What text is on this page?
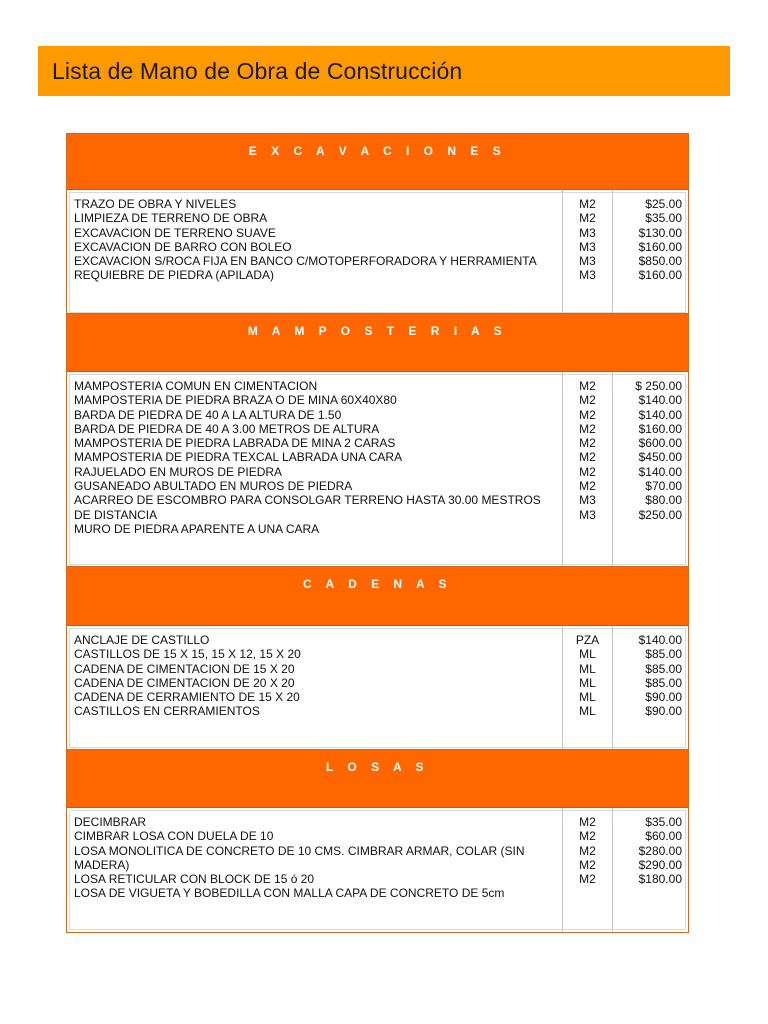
Lista de Mano de Obra de Construcción
E X C A V A C I O N E S
TRAZO DE OBRA Y NIVELES
LIMPIEZA DE TERRENO DE OBRA
EXCAVACION DE TERRENO SUAVE
EXCAVACION DE BARRO CON BOLEO
EXCAVACION S/ROCA FIJA EN BANCO C/MOTOPERFORADORA Y HERRAMIENTA
REQUIEBRE DE PIEDRA (APILADA)
M2
M2
M3
M3
M3
M3
$25.00
$35.00
$130.00
$160.00
$850.00
$160.00
M A M P O S T E R I A S
MAMPOSTERIA COMUN EN CIMENTACION
MAMPOSTERIA DE PIEDRA BRAZA O DE MINA 60X40X80
BARDA DE PIEDRA DE 40 A LA ALTURA DE 1.50
BARDA DE PIEDRA DE 40 A 3.00 METROS DE ALTURA
MAMPOSTERIA DE PIEDRA LABRADA DE MINA 2 CARAS
MAMPOSTERIA DE PIEDRA TEXCAL LABRADA UNA CARA
RAJUELADO EN MUROS DE PIEDRA
GUSANEADO ABULTADO EN MUROS DE PIEDRA
ACARREO DE ESCOMBRO PARA CONSOLGAR TERRENO HASTA 30.00 MESTROS
DE DISTANCIA
MURO DE PIEDRA APARENTE A UNA CARA
M2
M2
M2
M2
M2
M2
M2
M2
M3
M3
$ 250.00
$140.00
$140.00
$160.00
$600.00
$450.00
$140.00
$70.00
$80.00
$250.00
C A D E N A S
ANCLAJE DE CASTILLO
CASTILLOS DE 15 X 15, 15 X 12, 15 X 20
CADENA DE CIMENTACION DE 15 X 20
CADENA DE CIMENTACION DE 20 X 20
CADENA DE CERRAMIENTO DE 15 X 20
CASTILLOS EN CERRAMIENTOS
PZA
ML
ML
ML
ML
ML
$140.00
$85.00
$85.00
$85.00
$90.00
$90.00
L O S A S
DECIMBRAR
CIMBRAR LOSA CON DUELA DE 10
LOSA MONOLITICA DE CONCRETO DE 10 CMS. CIMBRAR ARMAR, COLAR (SIN
MADERA)
LOSA RETICULAR CON BLOCK DE 15 ó 20
LOSA DE VIGUETA Y BOBEDILLA CON MALLA CAPA DE CONCRETO DE 5cm
M2
M2
M2
M2
M2
$35.00
$60.00
$280.00
$290.00
$180.00
